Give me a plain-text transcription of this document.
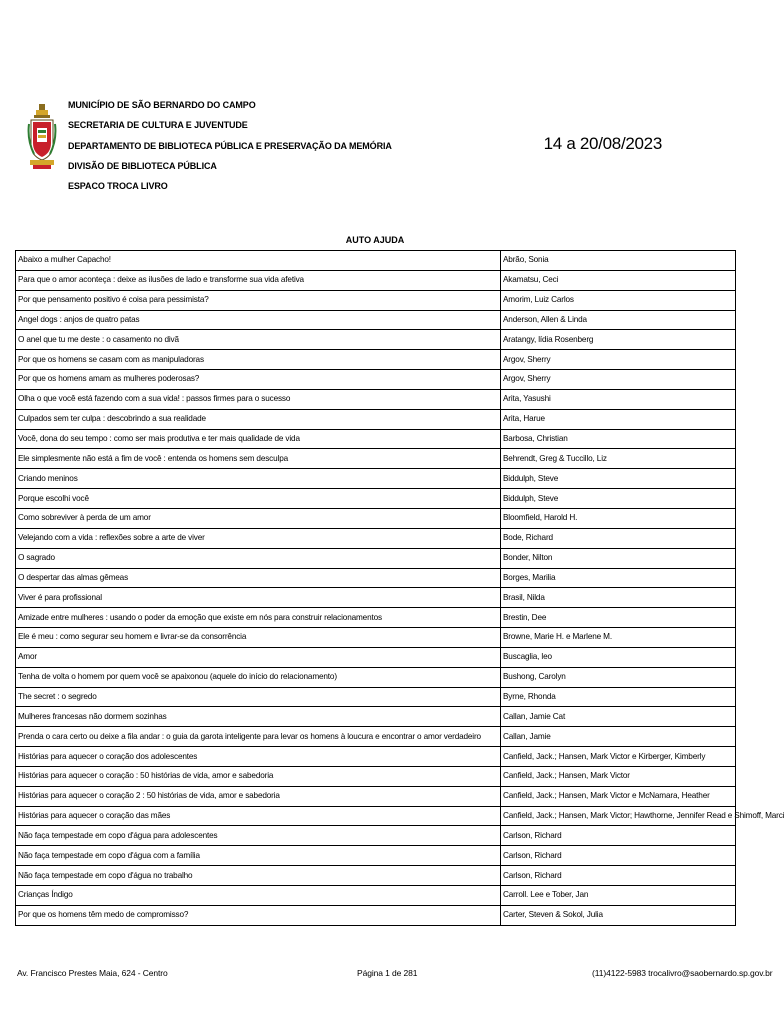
MUNICÍPIO DE SÃO BERNARDO DO CAMPO
SECRETARIA DE CULTURA E JUVENTUDE
DEPARTAMENTO DE BIBLIOTECA PÚBLICA E PRESERVAÇÃO DA MEMÓRIA
DIVISÃO DE BIBLIOTECA PÚBLICA
ESPACO TROCA LIVRO
14 a 20/08/2023
AUTO AJUDA
Abaixo a mulher Capacho!	Abrão, Sonia
Para que o amor aconteça : deixe as ilusões de lado e transforme sua vida afetiva	Akamatsu, Ceci
Por que pensamento positivo é coisa para pessimista?	Amorim, Luiz Carlos
Angel dogs : anjos de quatro patas	Anderson, Allen & Linda
O anel que tu me deste : o casamento no divã	Aratangy, lídia Rosenberg
Por que os homens se casam com as manipuladoras	Argov, Sherry
Por que os homens amam as mulheres poderosas?	Argov, Sherry
Olha o que você está fazendo com a sua vida! : passos firmes para o sucesso	Arita, Yasushi
Culpados sem ter culpa : descobrindo a sua realidade	Arita, Harue
Você, dona do seu tempo : como ser mais produtiva e ter mais qualidade de vida	Barbosa, Christian
Ele simplesmente não está a fim de você : entenda os homens sem desculpa	Behrendt, Greg & Tuccillo, Liz
Criando meninos	Biddulph, Steve
Porque escolhi você	Biddulph, Steve
Como sobreviver à perda de um amor	Bloomfield, Harold H.
Velejando com a vida : reflexões sobre a arte de viver	Bode, Richard
O sagrado	Bonder, Nilton
O despertar das almas gêmeas	Borges, Marilia
Viver é para profissional	Brasil, Nilda
Amizade entre mulheres : usando o poder da emoção que existe em nós para construir relacionamentos	Brestin, Dee
Ele é meu : como segurar seu homem e livrar-se da consorrência	Browne, Marie H. e Marlene M.
Amor	Buscaglia, leo
Tenha de volta o homem por quem você se apaixonou (aquele do início do relacionamento)	Bushong, Carolyn
The secret : o segredo	Byrne, Rhonda
Mulheres francesas não dormem sozinhas	Callan, Jamie Cat
Prenda o cara certo ou deixe a fila andar : o guia da garota inteligente para levar os homens à loucura e encontrar o amor verdadeiro	Callan, Jamie
Histórias para aquecer o coração dos adolescentes	Canfield, Jack.; Hansen, Mark Victor e Kirberger, Kimberly
Histórias para aquecer o coração : 50 histórias de vida, amor e sabedoria	Canfield, Jack.; Hansen, Mark Victor
Histórias para aquecer o coração 2 : 50 histórias de vida, amor e sabedoria	Canfield, Jack.; Hansen, Mark Victor e McNamara, Heather
Histórias para aquecer o coração das mães	Canfield, Jack.; Hansen, Mark Victor; Hawthorne, Jennifer Read e Shimoff, Marci
Não faça tempestade em copo d'água para adolescentes	Carlson, Richard
Não faça tempestade em copo d'água com a família	Carlson, Richard
Não faça tempestade em copo d'água no trabalho	Carlson, Richard
Crianças Índigo	Carroll. Lee e Tober, Jan
Por que os homens têm medo de compromisso?	Carter, Steven & Sokol, Julia
Av. Francisco Prestes Maia, 624 - Centro	Página 1 de 281	(11)4122-5983 trocalivro@saobernardo.sp.gov.br
